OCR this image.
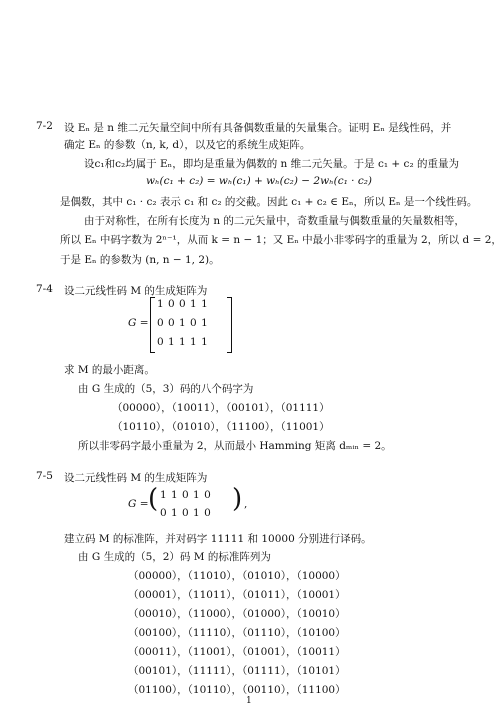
7-2 设 Eₙ 是 n 维二元矢量空间中所有具备偶数重量的矢量集合。证明 Eₙ 是线性码，并
确定 Eₙ 的参数（n, k, d），以及它的系统生成矩阵。
设c₁和c₂均属于 Eₙ，即均是重量为偶数的 n 维二元矢量。于是 c₁ + c₂ 的重量为
wₕ(c₁ + c₂) = wₕ(c₁) + wₕ(c₂) − 2wₕ(c₁ · c₂)
是偶数，其中 c₁ · c₂ 表示 c₁ 和 c₂ 的交截。因此 c₁ + c₂ ∈ Eₙ，所以 Eₙ 是一个线性码。
由于对称性，在所有长度为 n 的二元矢量中，奇数重量与偶数重量的矢量数相等，
所以 Eₙ 中码字数为 2ⁿ⁻¹，从而 k = n − 1；又 Eₙ 中最小非零码字的重量为 2，所以 d = 2，
于是 Eₙ 的参数为 (n, n − 1, 2)。
7-4 设二元线性码 M 的生成矩阵为
G =
1 0 0 1 1
0 0 1 0 1
0 1 1 1 1
求 M 的最小距离。
由 G 生成的（5，3）码的八个码字为
（00000），（10011），（00101），（01111）
（10110），（01010），（11100），（11001）
所以非零码字最小重量为 2，从而最小 Hamming 矩离 dₘᵢₙ = 2。
7-5 设二元线性码 M 的生成矩阵为
G = ( 1 1 0 1 0
0 1 0 1 0 ) ,
建立码 M 的标准阵，并对码字 11111 和 10000 分别进行译码。
由 G 生成的（5，2）码 M 的标准阵列为
（00000），（11010），（01010），（10000）
（00001），（11011），（01011），（10001）
（00010），（11000），（01000），（10010）
（00100），（11110），（01110），（10100）
（00011），（11001），（01001），（10011）
（00101），（11111），（01111），（10101）
（01100），（10110），（00110），（11100）
1
